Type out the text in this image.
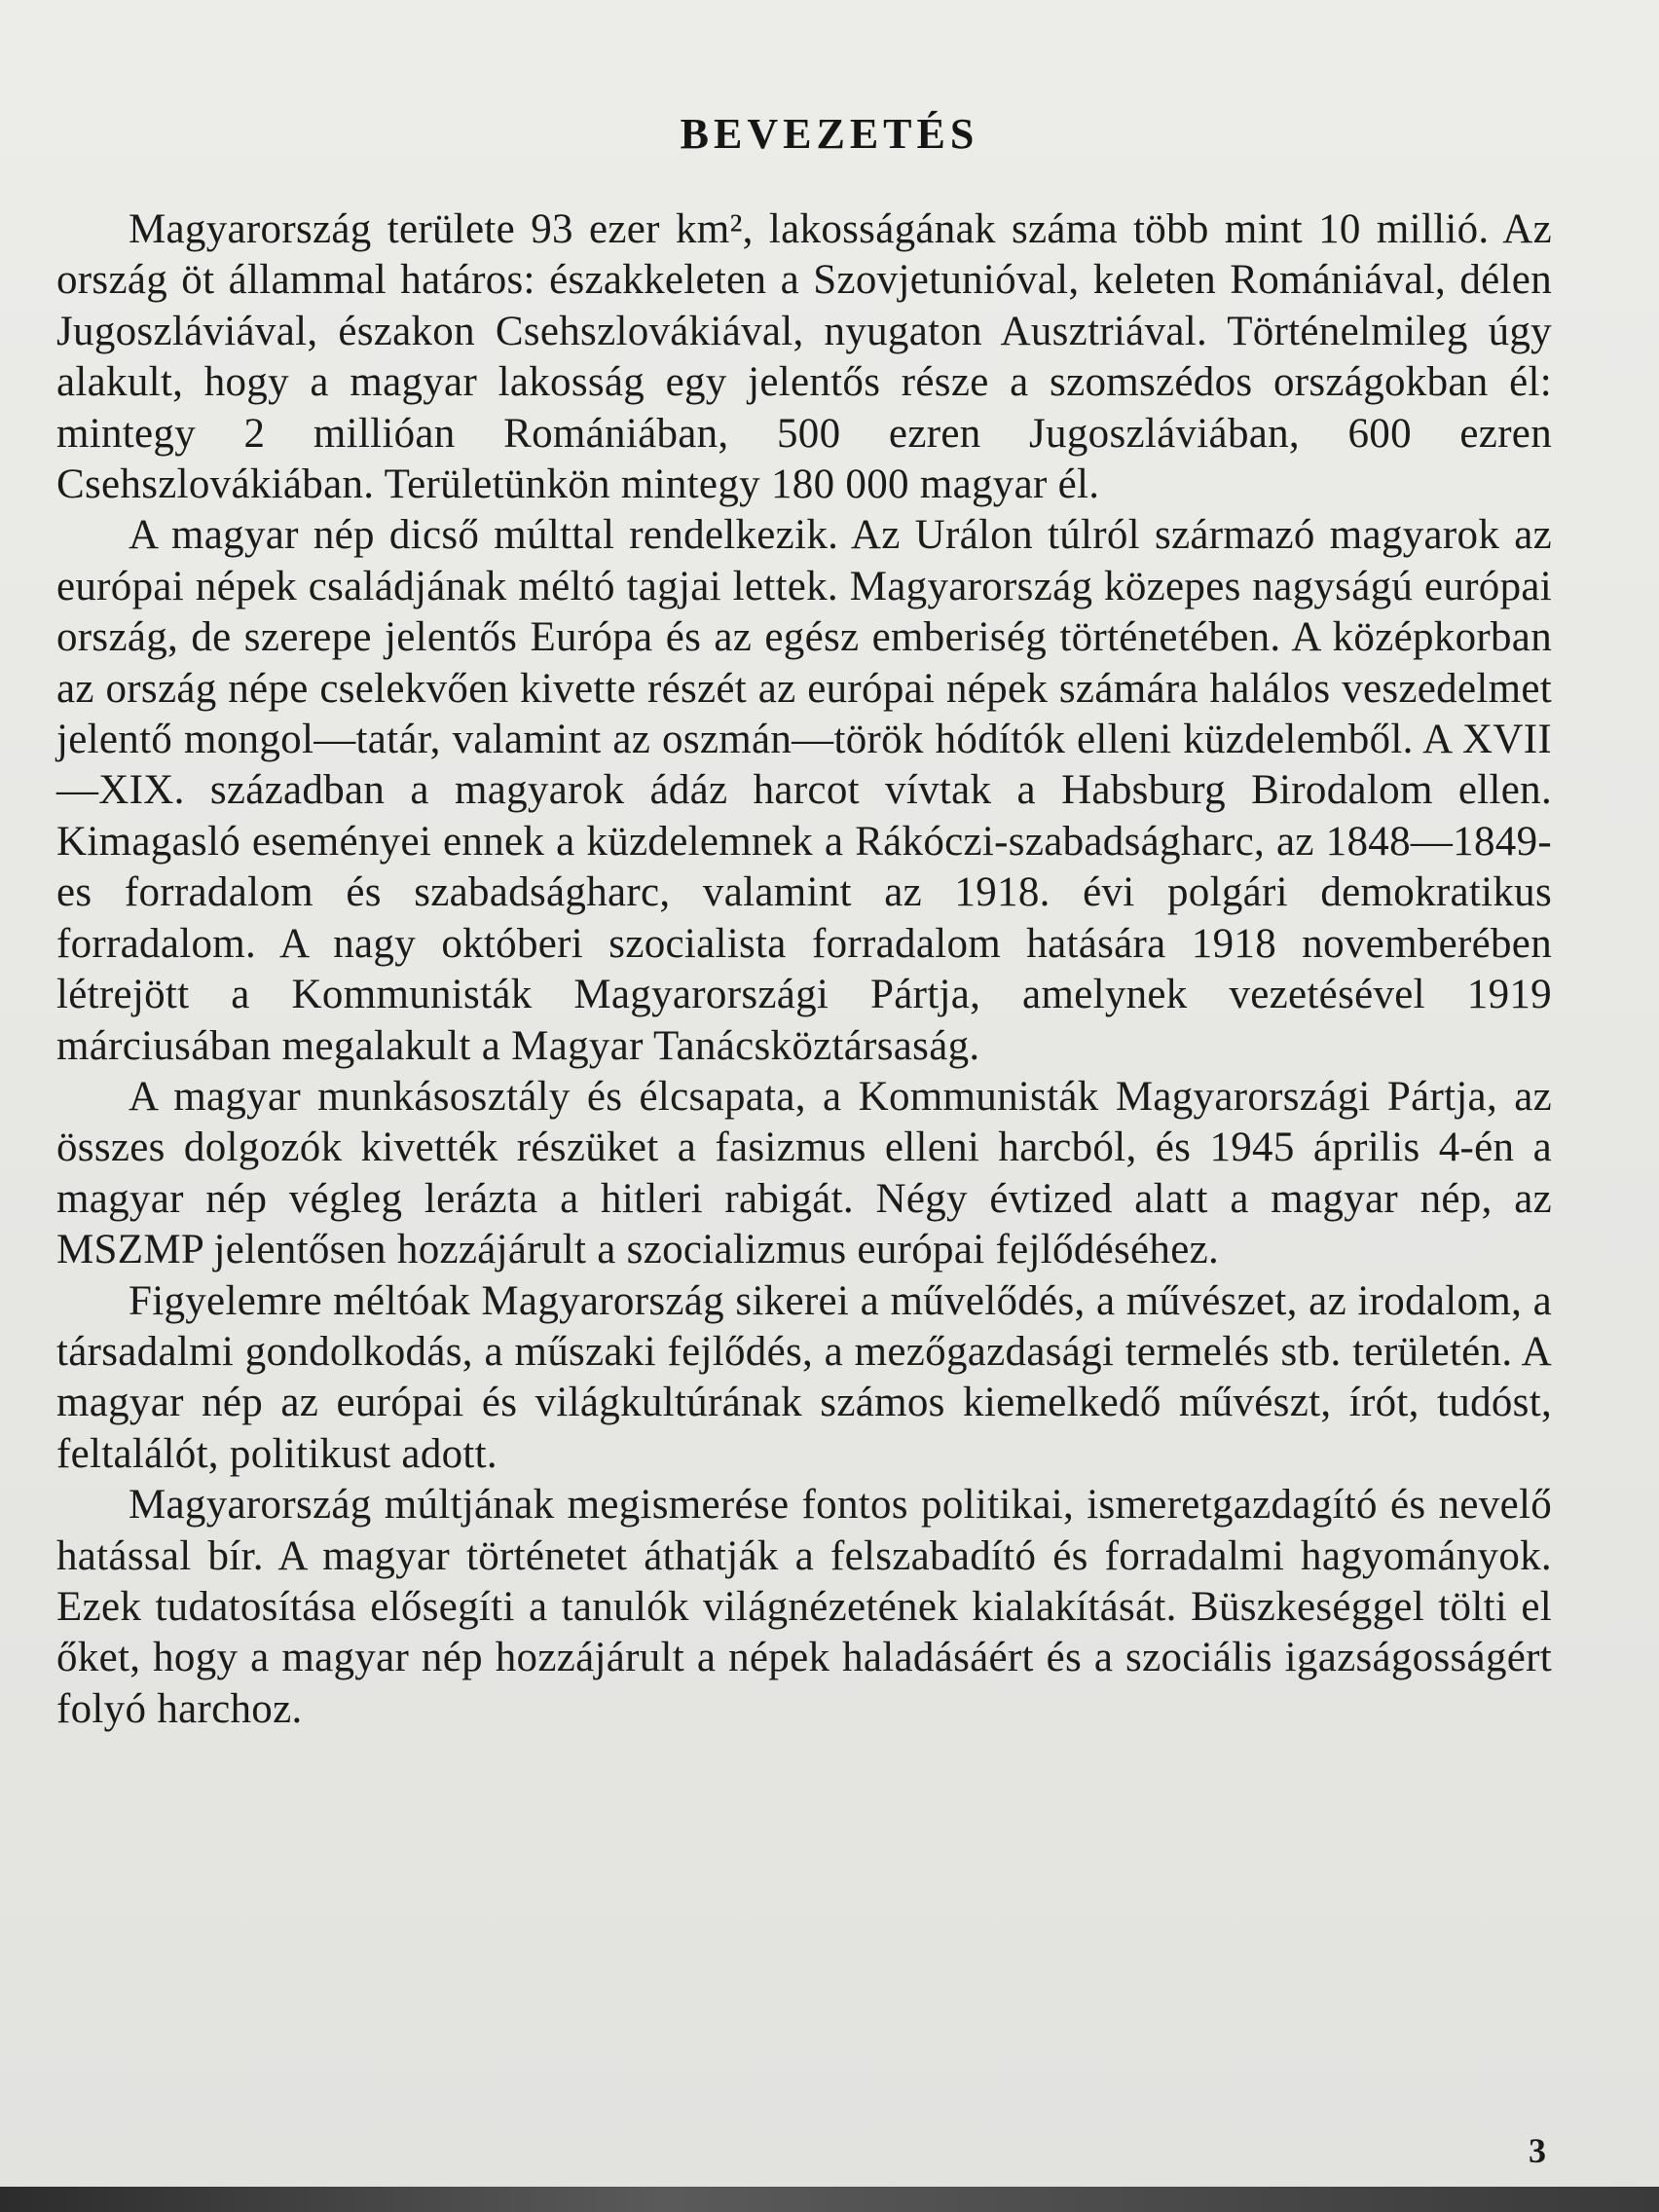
BEVEZETÉS

Magyarország területe 93 ezer km², lakosságának száma több mint 10 millió. Az ország öt állammal határos: északkeleten a Szovjetunióval, keleten Romániával, délen Jugoszláviával, északon Csehszlovákiával, nyugaton Ausztriával. Történelmileg úgy alakult, hogy a magyar lakosság egy jelentős része a szomszédos országokban él: mintegy 2 millióan Romániában, 500 ezren Jugoszláviában, 600 ezren Csehszlovákiában. Területünkön mintegy 180 000 magyar él.

A magyar nép dicső múlttal rendelkezik. Az Urálon túlról származó magyarok az európai népek családjának méltó tagjai lettek. Magyarország közepes nagyságú európai ország, de szerepe jelentős Európa és az egész emberiség történetében. A középkorban az ország népe cselekvően kivette részét az európai népek számára halálos veszedelmet jelentő mongol—tatár, valamint az oszmán—török hódítók elleni küzdelemből. A XVII—XIX. században a magyarok ádáz harcot vívtak a Habsburg Birodalom ellen. Kimagasló eseményei ennek a küzdelemnek a Rákóczi-szabadságharc, az 1848—1849-es forradalom és szabadságharc, valamint az 1918. évi polgári demokratikus forradalom. A nagy októberi szocialista forradalom hatására 1918 novemberében létrejött a Kommunisták Magyarországi Pártja, amelynek vezetésével 1919 márciusában megalakult a Magyar Tanácsköztársaság.

A magyar munkásosztály és élcsapata, a Kommunisták Magyarországi Pártja, az összes dolgozók kivették részüket a fasizmus elleni harcból, és 1945 április 4-én a magyar nép végleg lerázta a hitleri rabigát. Négy évtized alatt a magyar nép, az MSZMP jelentősen hozzájárult a szocializmus európai fejlődéséhez.

Figyelemre méltóak Magyarország sikerei a művelődés, a művészet, az irodalom, a társadalmi gondolkodás, a műszaki fejlődés, a mezőgazdasági termelés stb. területén. A magyar nép az európai és világkultúrának számos kiemelkedő művészt, írót, tudóst, feltalálót, politikust adott.

Magyarország múltjának megismerése fontos politikai, ismeretgazdagító és nevelő hatással bír. A magyar történetet áthatják a felszabadító és forradalmi hagyományok. Ezek tudatosítása elősegíti a tanulók világnézetének kialakítását. Büszkeséggel tölti el őket, hogy a magyar nép hozzájárult a népek haladásáért és a szociális igazságosságért folyó harchoz.

3
